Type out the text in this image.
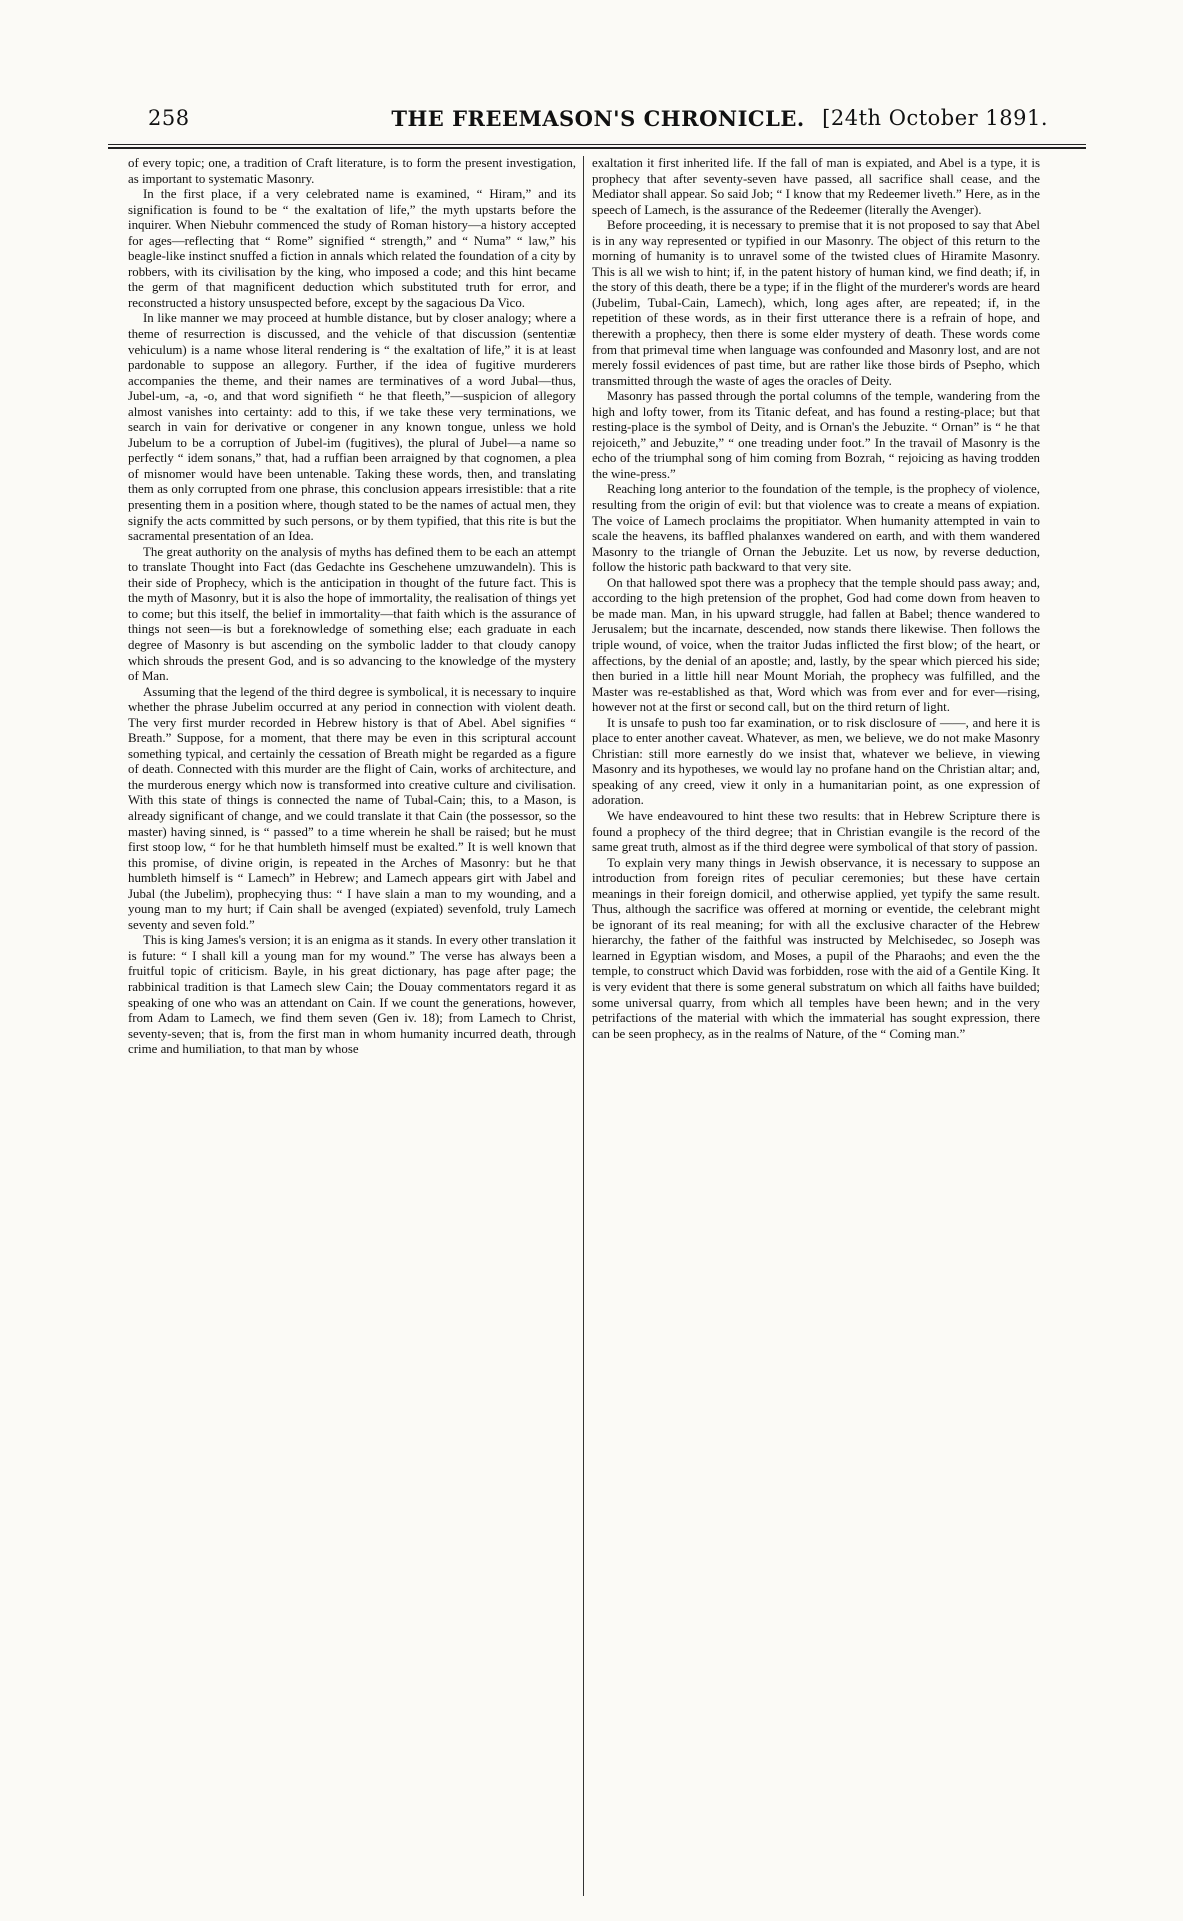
258	THE FREEMASON'S CHRONICLE. [24th October 1891.

of every topic; one, a tradition of Craft literature, is to form the present investigation, as important to systematic Masonry.

In the first place, if a very celebrated name is examined, “ Hiram,” and its signification is found to be “ the exaltation of life,” the myth upstarts before the inquirer. When Niebuhr commenced the study of Roman history—a history accepted for ages—reflecting that “ Rome” signified “ strength,” and “ Numa” “ law,” his beagle-like instinct snuffed a fiction in annals which related the foundation of a city by robbers, with its civilisation by the king, who imposed a code; and this hint became the germ of that magnificent deduction which substituted truth for error, and reconstructed a history unsuspected before, except by the sagacious Da Vico.

In like manner we may proceed at humble distance, but by closer analogy; where a theme of resurrection is discussed, and the vehicle of that discussion (sententiæ vehiculum) is a name whose literal rendering is “ the exaltation of life,” it is at least pardonable to suppose an allegory. Further, if the idea of fugitive murderers accompanies the theme, and their names are terminatives of a word Jubal—thus, Jubel-um, -a, -o, and that word signifieth “ he that fleeth,”—suspicion of allegory almost vanishes into certainty: add to this, if we take these very terminations, we search in vain for derivative or congener in any known tongue, unless we hold Jubelum to be a corruption of Jubel-im (fugitives), the plural of Jubel—a name so perfectly “ idem sonans,” that, had a ruffian been arraigned by that cognomen, a plea of misnomer would have been untenable. Taking these words, then, and translating them as only corrupted from one phrase, this conclusion appears irresistible: that a rite presenting them in a position where, though stated to be the names of actual men, they signify the acts committed by such persons, or by them typified, that this rite is but the sacramental presentation of an Idea.

The great authority on the analysis of myths has defined them to be each an attempt to translate Thought into Fact (das Gedachte ins Geschehene umzuwandeln). This is their side of Prophecy, which is the anticipation in thought of the future fact. This is the myth of Masonry, but it is also the hope of immortality, the realisation of things yet to come; but this itself, the belief in immortality—that faith which is the assurance of things not seen—is but a foreknowledge of something else; each graduate in each degree of Masonry is but ascending on the symbolic ladder to that cloudy canopy which shrouds the present God, and is so advancing to the knowledge of the mystery of Man.

Assuming that the legend of the third degree is symbolical, it is necessary to inquire whether the phrase Jubelim occurred at any period in connection with violent death. The very first murder recorded in Hebrew history is that of Abel. Abel signifies “ Breath.” Suppose, for a moment, that there may be even in this scriptural account something typical, and certainly the cessation of Breath might be regarded as a figure of death. Connected with this murder are the flight of Cain, works of architecture, and the murderous energy which now is transformed into creative culture and civilisation. With this state of things is connected the name of Tubal-Cain; this, to a Mason, is already significant of change, and we could translate it that Cain (the possessor, so the master) having sinned, is “ passed” to a time wherein he shall be raised; but he must first stoop low, “ for he that humbleth himself must be exalted.” It is well known that this promise, of divine origin, is repeated in the Arches of Masonry: but he that humbleth himself is “ Lamech” in Hebrew; and Lamech appears girt with Jabel and Jubal (the Jubelim), prophecying thus: “ I have slain a man to my wounding, and a young man to my hurt; if Cain shall be avenged (expiated) sevenfold, truly Lamech seventy and seven fold.”

This is king James's version; it is an enigma as it stands. In every other translation it is future: “ I shall kill a young man for my wound.” The verse has always been a fruitful topic of criticism. Bayle, in his great dictionary, has page after page; the rabbinical tradition is that Lamech slew Cain; the Douay commentators regard it as speaking of one who was an attendant on Cain. If we count the generations, however, from Adam to Lamech, we find them seven (Gen iv. 18); from Lamech to Christ, seventy-seven; that is, from the first man in whom humanity incurred death, through crime and humiliation, to that man by whose

exaltation it first inherited life. If the fall of man is expiated, and Abel is a type, it is prophecy that after seventy-seven have passed, all sacrifice shall cease, and the Mediator shall appear. So said Job; “ I know that my Redeemer liveth.” Here, as in the speech of Lamech, is the assurance of the Redeemer (literally the Avenger).

Before proceeding, it is necessary to premise that it is not proposed to say that Abel is in any way represented or typified in our Masonry. The object of this return to the morning of humanity is to unravel some of the twisted clues of Hiramite Masonry. This is all we wish to hint; if, in the patent history of human kind, we find death; if, in the story of this death, there be a type; if in the flight of the murderer's words are heard (Jubelim, Tubal-Cain, Lamech), which, long ages after, are repeated; if, in the repetition of these words, as in their first utterance there is a refrain of hope, and therewith a prophecy, then there is some elder mystery of death. These words come from that primeval time when language was confounded and Masonry lost, and are not merely fossil evidences of past time, but are rather like those birds of Psepho, which transmitted through the waste of ages the oracles of Deity.

Masonry has passed through the portal columns of the temple, wandering from the high and lofty tower, from its Titanic defeat, and has found a resting-place; but that resting-place is the symbol of Deity, and is Ornan's the Jebuzite. “ Ornan” is “ he that rejoiceth,” and Jebuzite,” “ one treading under foot.” In the travail of Masonry is the echo of the triumphal song of him coming from Bozrah, “ rejoicing as having trodden the wine-press.”

Reaching long anterior to the foundation of the temple, is the prophecy of violence, resulting from the origin of evil: but that violence was to create a means of expiation. The voice of Lamech proclaims the propitiator. When humanity attempted in vain to scale the heavens, its baffled phalanxes wandered on earth, and with them wandered Masonry to the triangle of Ornan the Jebuzite. Let us now, by reverse deduction, follow the historic path backward to that very site.

On that hallowed spot there was a prophecy that the temple should pass away; and, according to the high pretension of the prophet, God had come down from heaven to be made man. Man, in his upward struggle, had fallen at Babel; thence wandered to Jerusalem; but the incarnate, descended, now stands there likewise. Then follows the triple wound, of voice, when the traitor Judas inflicted the first blow; of the heart, or affections, by the denial of an apostle; and, lastly, by the spear which pierced his side; then buried in a little hill near Mount Moriah, the prophecy was fulfilled, and the Master was re-established as that, Word which was from ever and for ever—rising, however not at the first or second call, but on the third return of light.

It is unsafe to push too far examination, or to risk disclosure of ——, and here it is place to enter another caveat. Whatever, as men, we believe, we do not make Masonry Christian: still more earnestly do we insist that, whatever we believe, in viewing Masonry and its hypotheses, we would lay no profane hand on the Christian altar; and, speaking of any creed, view it only in a humanitarian point, as one expression of adoration.

We have endeavoured to hint these two results: that in Hebrew Scripture there is found a prophecy of the third degree; that in Christian evangile is the record of the same great truth, almost as if the third degree were symbolical of that story of passion.

To explain very many things in Jewish observance, it is necessary to suppose an introduction from foreign rites of peculiar ceremonies; but these have certain meanings in their foreign domicil, and otherwise applied, yet typify the same result. Thus, although the sacrifice was offered at morning or eventide, the celebrant might be ignorant of its real meaning; for with all the exclusive character of the Hebrew hierarchy, the father of the faithful was instructed by Melchisedec, so Joseph was learned in Egyptian wisdom, and Moses, a pupil of the Pharaohs; and even the the temple, to construct which David was forbidden, rose with the aid of a Gentile King. It is very evident that there is some general substratum on which all faiths have builded; some universal quarry, from which all temples have been hewn; and in the very petrifactions of the material with which the immaterial has sought expression, there can be seen prophecy, as in the realms of Nature, of the “ Coming man.”
